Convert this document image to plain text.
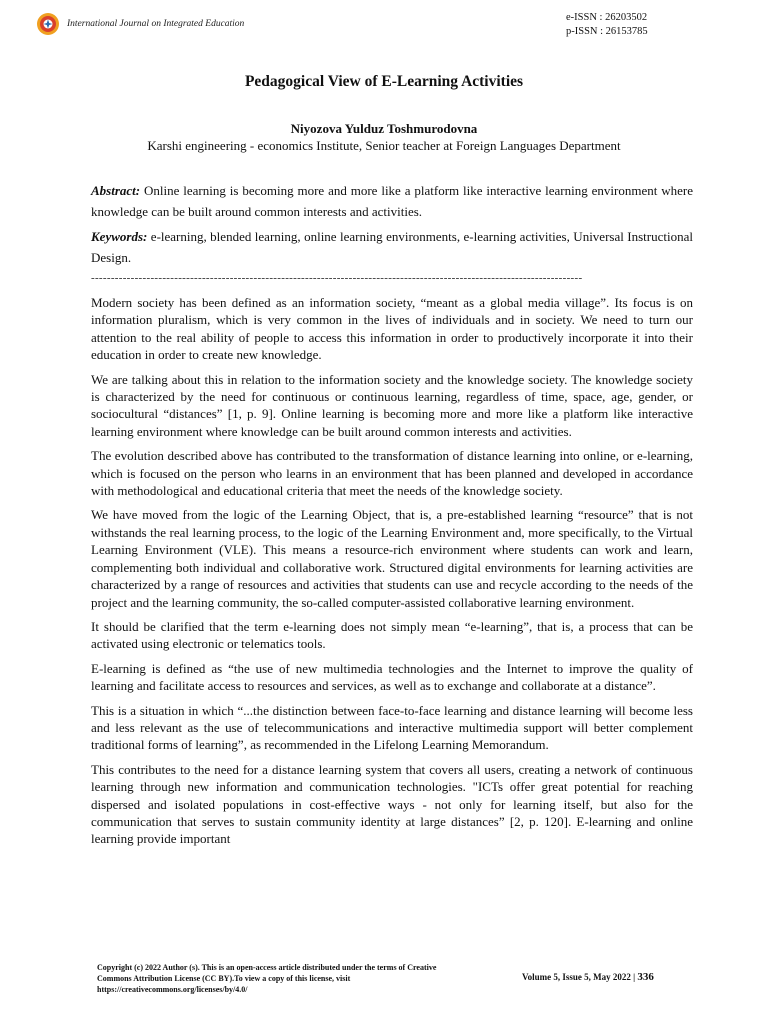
International Journal on Integrated Education
e-ISSN : 26203502
p-ISSN : 26153785
Pedagogical View of E-Learning Activities
Niyozova Yulduz Toshmurodovna
Karshi engineering - economics Institute, Senior teacher at Foreign Languages Department
Abstract: Online learning is becoming more and more like a platform like interactive learning environment where knowledge can be built around common interests and activities.
Keywords: e-learning, blended learning, online learning environments, e-learning activities, Universal Instructional Design.
----------------------------------------------------------------------------------------------------------------------------

Modern society has been defined as an information society, “meant as a global media village”. Its focus is on information pluralism, which is very common in the lives of individuals and in society. We need to turn our attention to the real ability of people to access this information in order to productively incorporate it into their education in order to create new knowledge.

We are talking about this in relation to the information society and the knowledge society. The knowledge society is characterized by the need for continuous or continuous learning, regardless of time, space, age, gender, or sociocultural “distances” [1, p. 9]. Online learning is becoming more and more like a platform like interactive learning environment where knowledge can be built around common interests and activities.

The evolution described above has contributed to the transformation of distance learning into online, or e-learning, which is focused on the person who learns in an environment that has been planned and developed in accordance with methodological and educational criteria that meet the needs of the knowledge society.

We have moved from the logic of the Learning Object, that is, a pre-established learning “resource” that is not withstands the real learning process, to the logic of the Learning Environment and, more specifically, to the Virtual Learning Environment (VLE). This means a resource-rich environment where students can work and learn, complementing both individual and collaborative work. Structured digital environments for learning activities are characterized by a range of resources and activities that students can use and recycle according to the needs of the project and the learning community, the so-called computer-assisted collaborative learning environment.

It should be clarified that the term e-learning does not simply mean “e-learning”, that is, a process that can be activated using electronic or telematics tools.

E-learning is defined as “the use of new multimedia technologies and the Internet to improve the quality of learning and facilitate access to resources and services, as well as to exchange and collaborate at a distance”.

This is a situation in which “...the distinction between face-to-face learning and distance learning will become less and less relevant as the use of telecommunications and interactive multimedia support will better complement traditional forms of learning”, as recommended in the Lifelong Learning Memorandum.

This contributes to the need for a distance learning system that covers all users, creating a network of continuous learning through new information and communication technologies. "ICTs offer great potential for reaching dispersed and isolated populations in cost-effective ways - not only for learning itself, but also for the communication that serves to sustain community identity at large distances” [2, p. 120]. E-learning and online learning provide important

Copyright (c) 2022 Author (s). This is an open-access article distributed under the terms of Creative Commons Attribution License (CC BY).To view a copy of this license, visit https://creativecommons.org/licenses/by/4.0/
Volume 5, Issue 5, May 2022 | 336
